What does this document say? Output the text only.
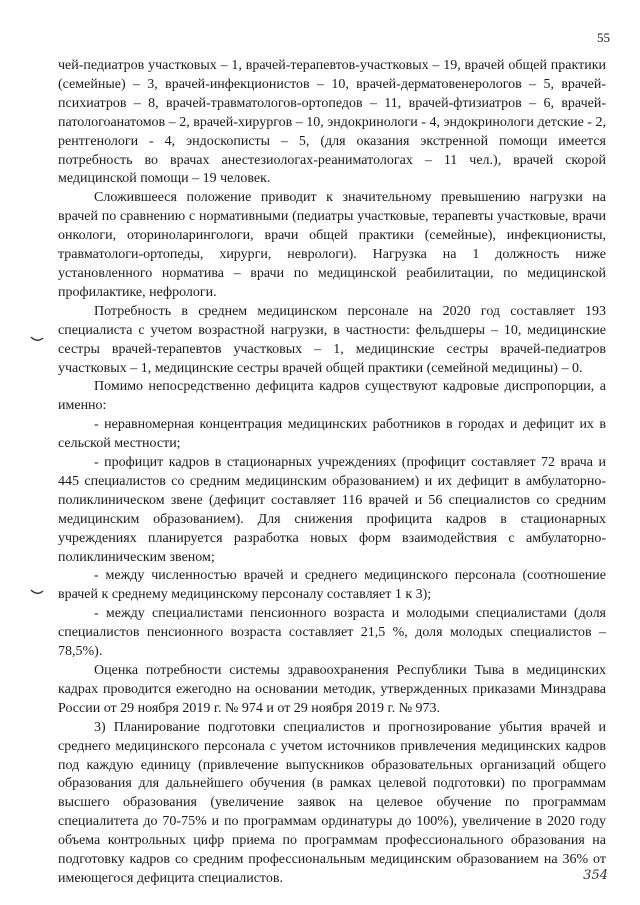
55

чей-педиатров участковых – 1, врачей-терапевтов-участковых – 19, врачей общей практики (семейные) – 3, врачей-инфекционистов – 10, врачей-дерматовенерологов – 5, врачей-психиатров – 8, врачей-травматологов-ортопедов – 11, врачей-фтизиатров – 6, врачей-патологоанатомов – 2, врачей-хирургов – 10, эндокринологи - 4, эндокринологи детские - 2, рентгенологи - 4, эндоскописты – 5, (для оказания экстренной помощи имеется потребность во врачах анестезиологах-реаниматологах – 11 чел.), врачей скорой медицинской помощи – 19 человек.

Сложившееся положение приводит к значительному превышению нагрузки на врачей по сравнению с нормативными (педиатры участковые, терапевты участковые, врачи онкологи, оториноларингологи, врачи общей практики (семейные), инфекционисты, травматологи-ортопеды, хирурги, неврологи). Нагрузка на 1 должность ниже установленного норматива – врачи по медицинской реабилитации, по медицинской профилактике, нефрологи.

Потребность в среднем медицинском персонале на 2020 год составляет 193 специалиста с учетом возрастной нагрузки, в частности: фельдшеры – 10, медицинские сестры врачей-терапевтов участковых – 1, медицинские сестры врачей-педиатров участковых – 1, медицинские сестры врачей общей практики (семейной медицины) – 0.

Помимо непосредственно дефицита кадров существуют кадровые диспропорции, а именно:

- неравномерная концентрация медицинских работников в городах и дефицит их в сельской местности;

- профицит кадров в стационарных учреждениях (профицит составляет 72 врача и 445 специалистов со средним медицинским образованием) и их дефицит в амбулаторно-поликлиническом звене (дефицит составляет 116 врачей и 56 специалистов со средним медицинским образованием). Для снижения профицита кадров в стационарных учреждениях планируется разработка новых форм взаимодействия с амбулаторно-поликлиническим звеном;

- между численностью врачей и среднего медицинского персонала (соотношение врачей к среднему медицинскому персоналу составляет 1 к 3);

- между специалистами пенсионного возраста и молодыми специалистами (доля специалистов пенсионного возраста составляет 21,5 %, доля молодых специалистов – 78,5%).

Оценка потребности системы здравоохранения Республики Тыва в медицинских кадрах проводится ежегодно на основании методик, утвержденных приказами Минздрава России от 29 ноября 2019 г. № 974 и от 29 ноября 2019 г. № 973.

3) Планирование подготовки специалистов и прогнозирование убытия врачей и среднего медицинского персонала с учетом источников привлечения медицинских кадров под каждую единицу (привлечение выпускников образовательных организаций общего образования для дальнейшего обучения (в рамках целевой подготовки) по программам высшего образования (увеличение заявок на целевое обучение по программам специалитета до 70-75% и по программам ординатуры до 100%), увеличение в 2020 году объема контрольных цифр приема по программам профессионального образования на подготовку кадров со средним профессиональным медицинским образованием на 36% от имеющегося дефицита специалистов.	354
